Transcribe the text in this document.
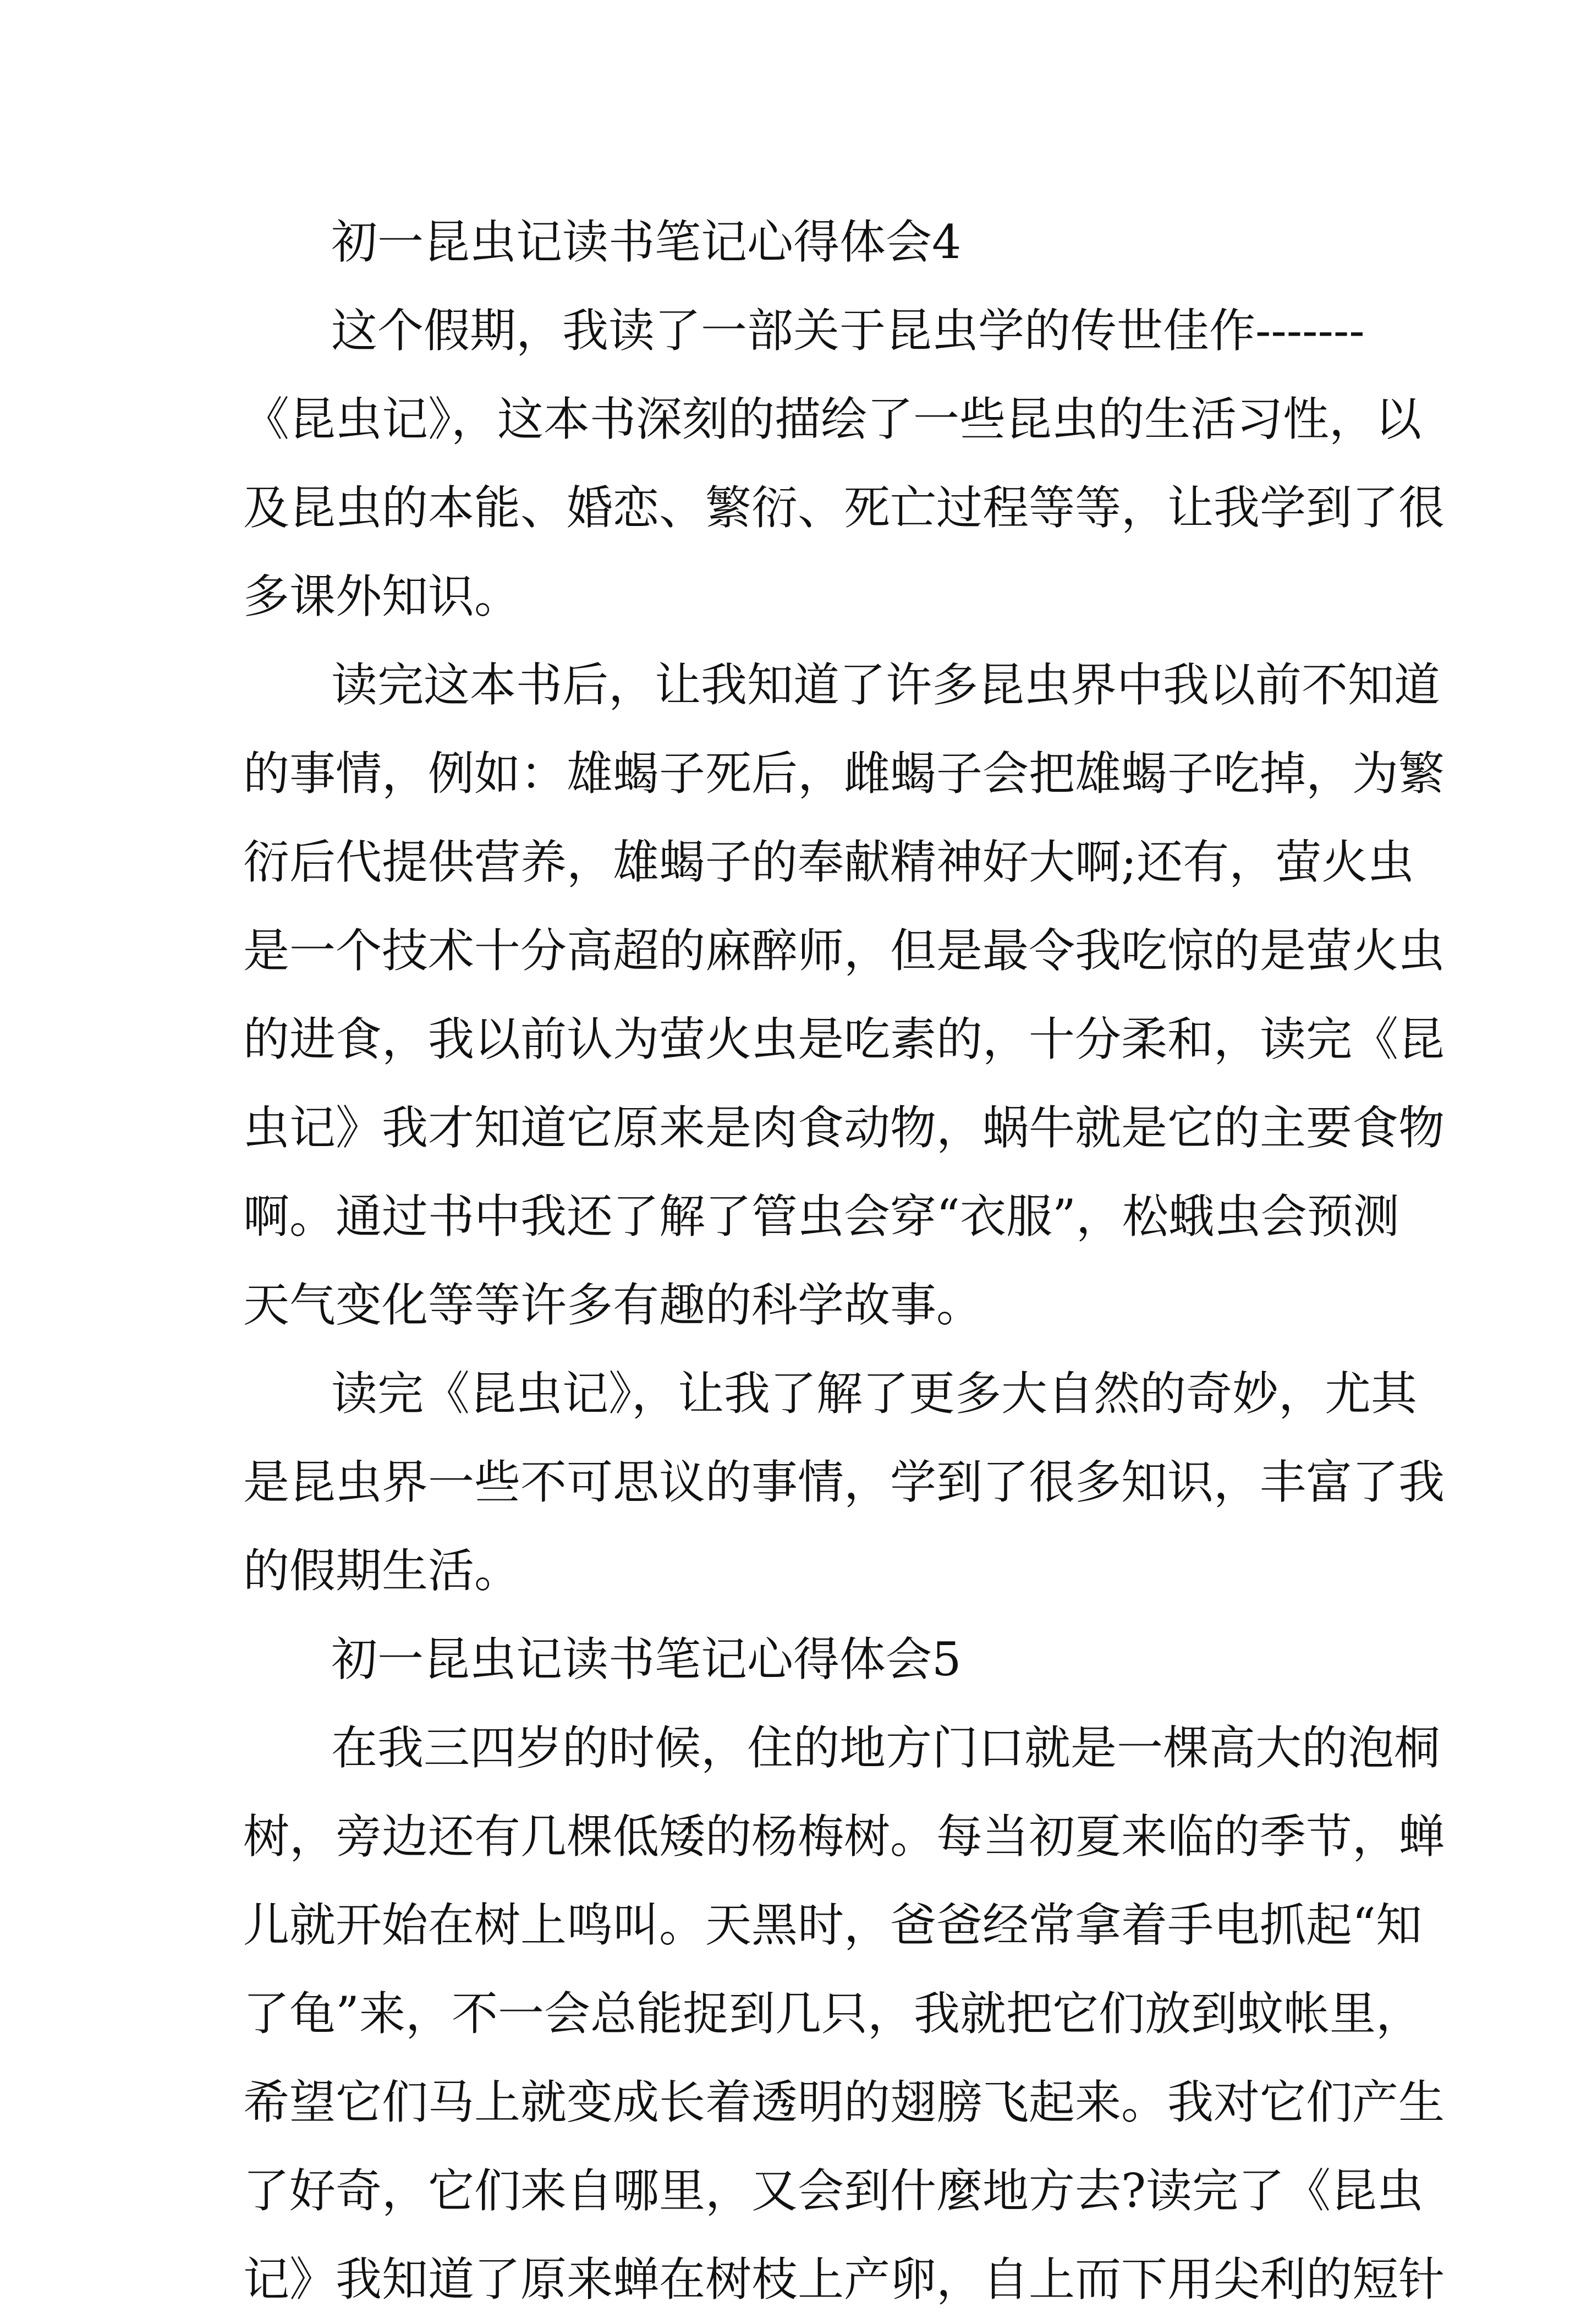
初一昆虫记读书笔记心得体会4
这个假期，我读了一部关于昆虫学的传世佳作-------
《昆虫记》，这本书深刻的描绘了一些昆虫的生活习性，以
及昆虫的本能、婚恋、繁衍、死亡过程等等，让我学到了很
多课外知识。
读完这本书后，让我知道了许多昆虫界中我以前不知道
的事情，例如：雄蝎子死后，雌蝎子会把雄蝎子吃掉，为繁
衍后代提供营养，雄蝎子的奉献精神好大啊;还有，萤火虫
是一个技术十分高超的麻醉师，但是最令我吃惊的是萤火虫
的进食，我以前认为萤火虫是吃素的，十分柔和，读完《昆
虫记》我才知道它原来是肉食动物，蜗牛就是它的主要食物
啊。通过书中我还了解了管虫会穿“衣服”，松蛾虫会预测
天气变化等等许多有趣的科学故事。
读完《昆虫记》，让我了解了更多大自然的奇妙，尤其
是昆虫界一些不可思议的事情，学到了很多知识，丰富了我
的假期生活。
初一昆虫记读书笔记心得体会5
在我三四岁的时候，住的地方门口就是一棵高大的泡桐
树，旁边还有几棵低矮的杨梅树。每当初夏来临的季节，蝉
儿就开始在树上鸣叫。天黑时，爸爸经常拿着手电抓起“知
了龟”来，不一会总能捉到几只，我就把它们放到蚊帐里，
希望它们马上就变成长着透明的翅膀飞起来。我对它们产生
了好奇，它们来自哪里，又会到什麼地方去?读完了《昆虫
记》我知道了原来蝉在树枝上产卵，自上而下用尖利的短针
